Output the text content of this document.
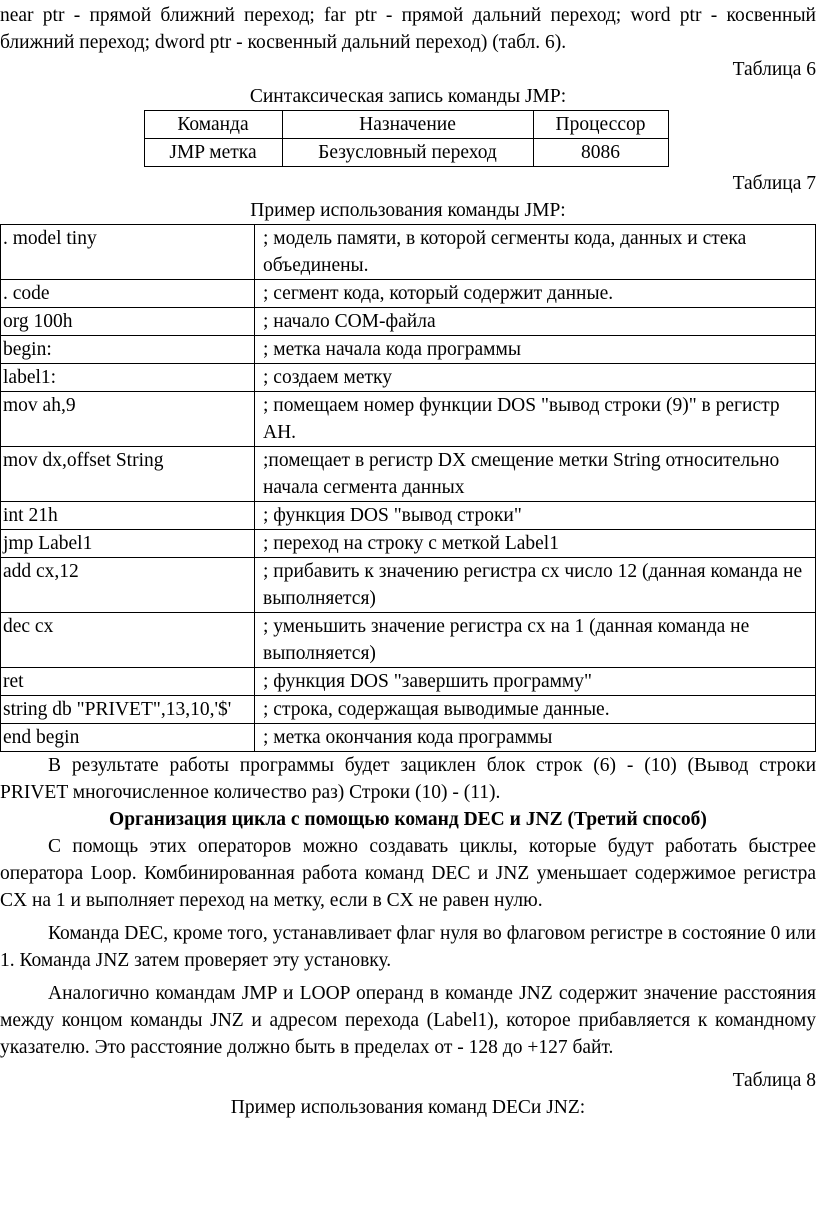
near ptr - прямой ближний переход; far ptr - прямой дальний переход; word ptr - косвенный ближний переход; dword ptr - косвенный дальний переход) (табл. 6).

Таблица 6

Синтаксическая запись команды JMP:

Команда	Назначение	Процессор
JMP метка	Безусловный переход	8086

Таблица 7

Пример использования команды JMP:

. model tiny	; модель памяти, в которой сегменты кода, данных и стека объединены.
. code	; сегмент кода, который содержит данные.
org 100h	; начало COM-файла
begin:	; метка начала кода программы
label1:	; создаем метку
mov ah,9	; помещаем номер функции DOS "вывод строки (9)" в регистр AH.
mov dx,offset String	;помещает в регистр DX смещение метки String относительно начала сегмента данных
int 21h	; функция DOS "вывод строки"
jmp Label1	; переход на строку с меткой Label1
add cx,12	; прибавить к значению регистра cx число 12 (данная команда не выполняется)
dec cx	; уменьшить значение регистра cx на 1 (данная команда не выполняется)
ret	; функция DOS "завершить программу"
string db "PRIVET",13,10,'$'	; строка, содержащая выводимые данные.
end begin	; метка окончания кода программы

В результате работы программы будет зациклен блок строк (6) - (10) (Вывод строки PRIVET многочисленное количество раз) Строки (10) - (11).

Организация цикла с помощью команд DEC и JNZ (Третий способ)

С помощь этих операторов можно создавать циклы, которые будут работать быстрее оператора Loop. Комбинированная работа команд DEC и JNZ уменьшает содержимое регистра CX на 1 и выполняет переход на метку, если в CX не равен нулю.

Команда DEC, кроме того, устанавливает флаг нуля во флаговом регистре в состояние 0 или 1. Команда JNZ затем проверяет эту установку.

Аналогично командам JMP и LOOP операнд в команде JNZ содержит значение расстояния между концом команды JNZ и адресом перехода (Label1), которое прибавляется к командному указателю. Это расстояние должно быть в пределах от - 128 до +127 байт.

Таблица 8

Пример использования команд DECи JNZ:
